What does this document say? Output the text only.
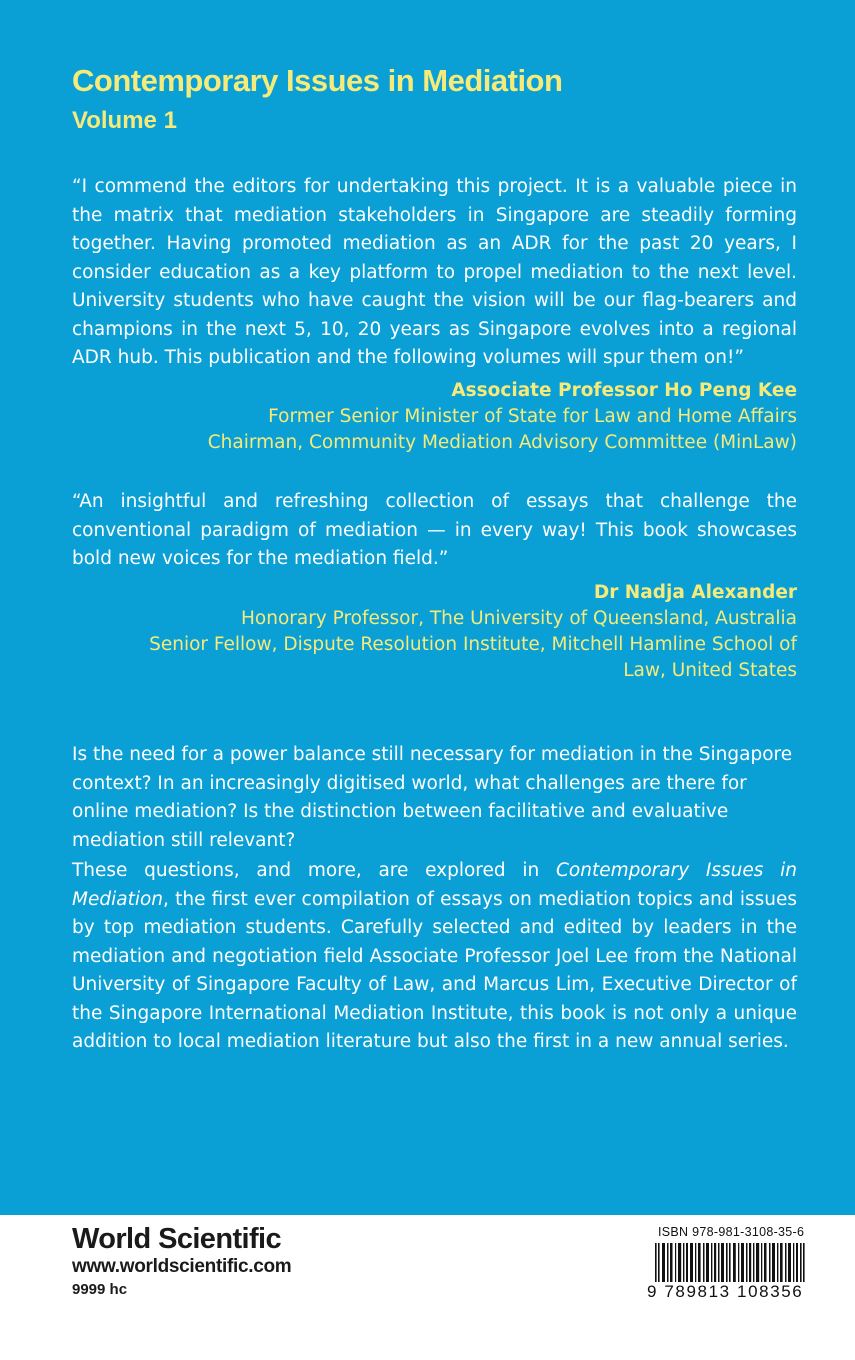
Contemporary Issues in Mediation
Volume 1

“I commend the editors for undertaking this project. It is a valuable piece in the matrix that mediation stakeholders in Singapore are steadily forming together. Having promoted mediation as an ADR for the past 20 years, I consider education as a key platform to propel mediation to the next level. University students who have caught the vision will be our flag-bearers and champions in the next 5, 10, 20 years as Singapore evolves into a regional ADR hub. This publication and the following volumes will spur them on!”

Associate Professor Ho Peng Kee
Former Senior Minister of State for Law and Home Affairs
Chairman, Community Mediation Advisory Committee (MinLaw)

“An insightful and refreshing collection of essays that challenge the conventional paradigm of mediation — in every way! This book showcases bold new voices for the mediation field.”

Dr Nadja Alexander
Honorary Professor, The University of Queensland, Australia
Senior Fellow, Dispute Resolution Institute, Mitchell Hamline School of Law, United States

Is the need for a power balance still necessary for mediation in the Singapore context? In an increasingly digitised world, what challenges are there for online mediation? Is the distinction between facilitative and evaluative mediation still relevant?

These questions, and more, are explored in Contemporary Issues in Mediation, the first ever compilation of essays on mediation topics and issues by top mediation students. Carefully selected and edited by leaders in the mediation and negotiation field Associate Professor Joel Lee from the National University of Singapore Faculty of Law, and Marcus Lim, Executive Director of the Singapore International Mediation Institute, this book is not only a unique addition to local mediation literature but also the first in a new annual series.

World Scientific
www.worldscientific.com
9999 hc
ISBN 978-981-3108-35-6
9 789813 108356
